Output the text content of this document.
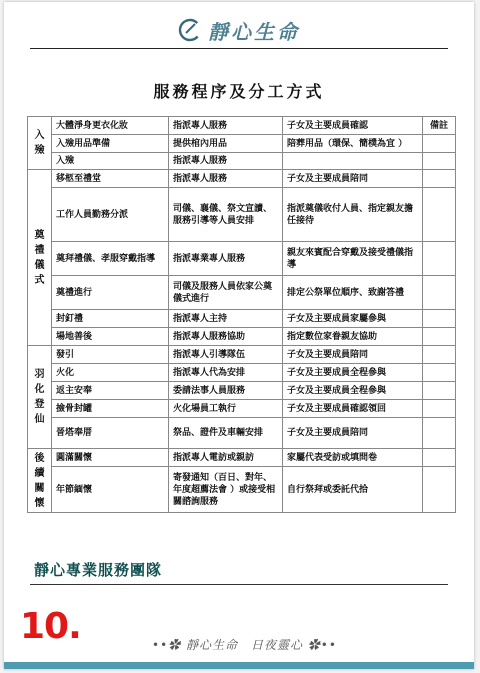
靜心生命
服務程序及分工方式
入殮	大體淨身更衣化妝	指派專人服務	子女及主要成員確認	備註
	入殮用品準備	提供棺內用品	陪葬用品（環保、簡樸為宜 ）	
	入殮	指派專人服務		
奠禮儀式	移柩至禮堂	指派專人服務	子女及主要成員陪同	
	工作人員勤務分派	司儀、襄儀、祭文宣讀、服務引導等人員安排	指派奠儀收付人員、指定親友擔任接待	
	奠拜禮儀、孝服穿戴指導	指派專業專人服務	親友來賓配合穿戴及接受禮儀指導	
	奠禮進行	司儀及服務人員依家公奠儀式進行	排定公祭單位順序、致謝答禮	
	封釘禮	指派專人主持	子女及主要成員家屬參與	
	場地善後	指派專人服務協助	指定數位家眷親友協助	
羽化登仙	發引	指派專人引導隊伍	子女及主要成員陪同	
	火化	指派專人代為安排	子女及主要成員全程參與	
	返主安奉	委請法事人員服務	子女及主要成員全程參與	
	撿骨封罐	火化場員工執行	子女及主要成員確認領回	
	晉塔奉厝	祭品、證件及車輛安排	子女及主要成員陪同	
後續關懷	圓滿關懷	指派專人電訪或親訪	家屬代表受訪或填問卷	
	年節緬懷	寄發通知（百日、對年、年度超薦法會 ）或接受相關諮詢服務	自行祭拜或委託代拾	
靜心專業服務團隊
10.	••✿ 靜心生命　日夜靈心 ✿••
